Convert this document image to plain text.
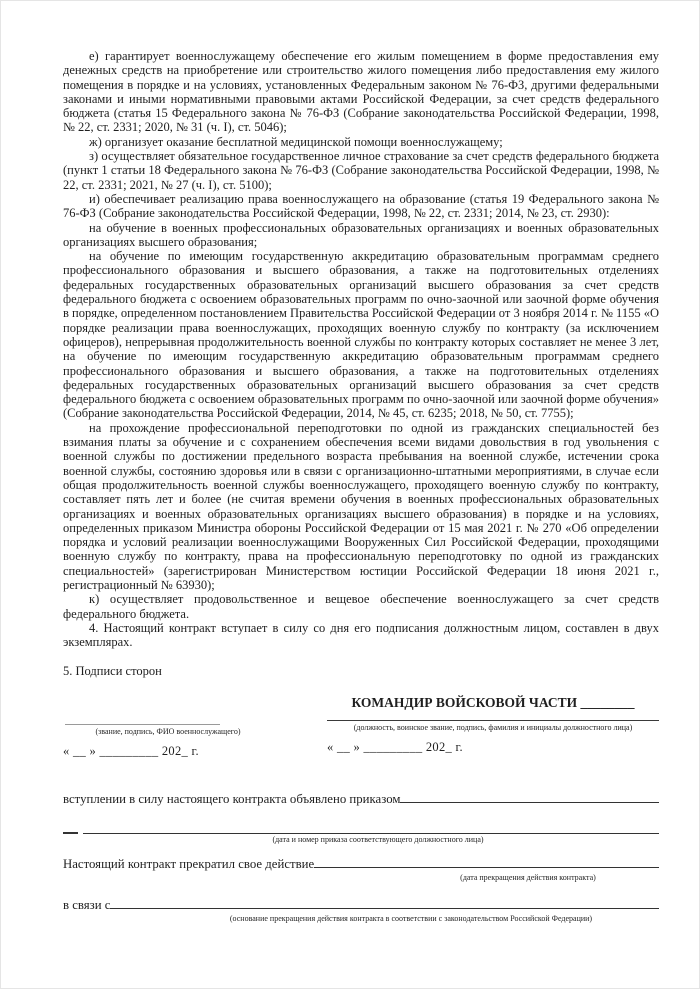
е) гарантирует военнослужащему обеспечение его жилым помещением в форме предоставления ему денежных средств на приобретение или строительство жилого помещения либо предоставления ему жилого помещения в порядке и на условиях, установленных Федеральным законом № 76-ФЗ, другими федеральными законами и иными нормативными правовыми актами Российской Федерации, за счет средств федерального бюджета (статья 15 Федерального закона № 76-ФЗ (Собрание законодательства Российской Федерации, 1998, № 22, ст. 2331; 2020, № 31 (ч. I), ст. 5046);

ж) организует оказание бесплатной медицинской помощи военнослужащему;

з) осуществляет обязательное государственное личное страхование за счет средств федерального бюджета (пункт 1 статьи 18 Федерального закона № 76-ФЗ (Собрание законодательства Российской Федерации, 1998, № 22, ст. 2331; 2021, № 27 (ч. I), ст. 5100);

и) обеспечивает реализацию права военнослужащего на образование (статья 19 Федерального закона № 76-ФЗ (Собрание законодательства Российской Федерации, 1998, № 22, ст. 2331; 2014, № 23, ст. 2930):

на обучение в военных профессиональных образовательных организациях и военных образовательных организациях высшего образования;

на обучение по имеющим государственную аккредитацию образовательным программам среднего профессионального образования и высшего образования, а также на подготовительных отделениях федеральных государственных образовательных организаций высшего образования за счет средств федерального бюджета с освоением образовательных программ по очно-заочной или заочной форме обучения в порядке, определенном постановлением Правительства Российской Федерации от 3 ноября 2014 г. № 1155 «О порядке реализации права военнослужащих, проходящих военную службу по контракту (за исключением офицеров), непрерывная продолжительность военной службы по контракту которых составляет не менее 3 лет, на обучение по имеющим государственную аккредитацию образовательным программам среднего профессионального образования и высшего образования, а также на подготовительных отделениях федеральных государственных образовательных организаций высшего образования за счет средств федерального бюджета с освоением образовательных программ по очно-заочной или заочной форме обучения» (Собрание законодательства Российской Федерации, 2014, № 45, ст. 6235; 2018, № 50, ст. 7755);

на прохождение профессиональной переподготовки по одной из гражданских специальностей без взимания платы за обучение и с сохранением обеспечения всеми видами довольствия в год увольнения с военной службы по достижении предельного возраста пребывания на военной службе, истечении срока военной службы, состоянию здоровья или в связи с организационно-штатными мероприятиями, в случае если общая продолжительность военной службы военнослужащего, проходящего военную службу по контракту, составляет пять лет и более (не считая времени обучения в военных профессиональных образовательных организациях и военных образовательных организациях высшего образования) в порядке и на условиях, определенных приказом Министра обороны Российской Федерации от 15 мая 2021 г. № 270 «Об определении порядка и условий реализации военнослужащими Вооруженных Сил Российской Федерации, проходящими военную службу по контракту, права на профессиональную переподготовку по одной из гражданских специальностей» (зарегистрирован Министерством юстиции Российской Федерации 18 июня 2021 г., регистрационный № 63930);

к) осуществляет продовольственное и вещевое обеспечение военнослужащего за счет средств федерального бюджета.

4. Настоящий контракт вступает в силу со дня его подписания должностным лицом, составлен в двух экземплярах.

5. Подписи сторон

(звание, подпись, ФИО военнослужащего)
« __ » _________ 202_ г.
КОМАНДИР ВОЙСКОВОЙ ЧАСТИ ________
(должность, воинское звание, подпись, фамилия и инициалы должностного лица)
« __ » _________ 202_ г.
вступлении в силу настоящего контракта объявлено приказом
(дата и номер приказа соответствующего должностного лица)
Настоящий контракт прекратил свое действие
(дата прекращения действия контракта)
в связи с
(основание прекращения действия контракта в соответствии с законодательством Российской Федерации)
